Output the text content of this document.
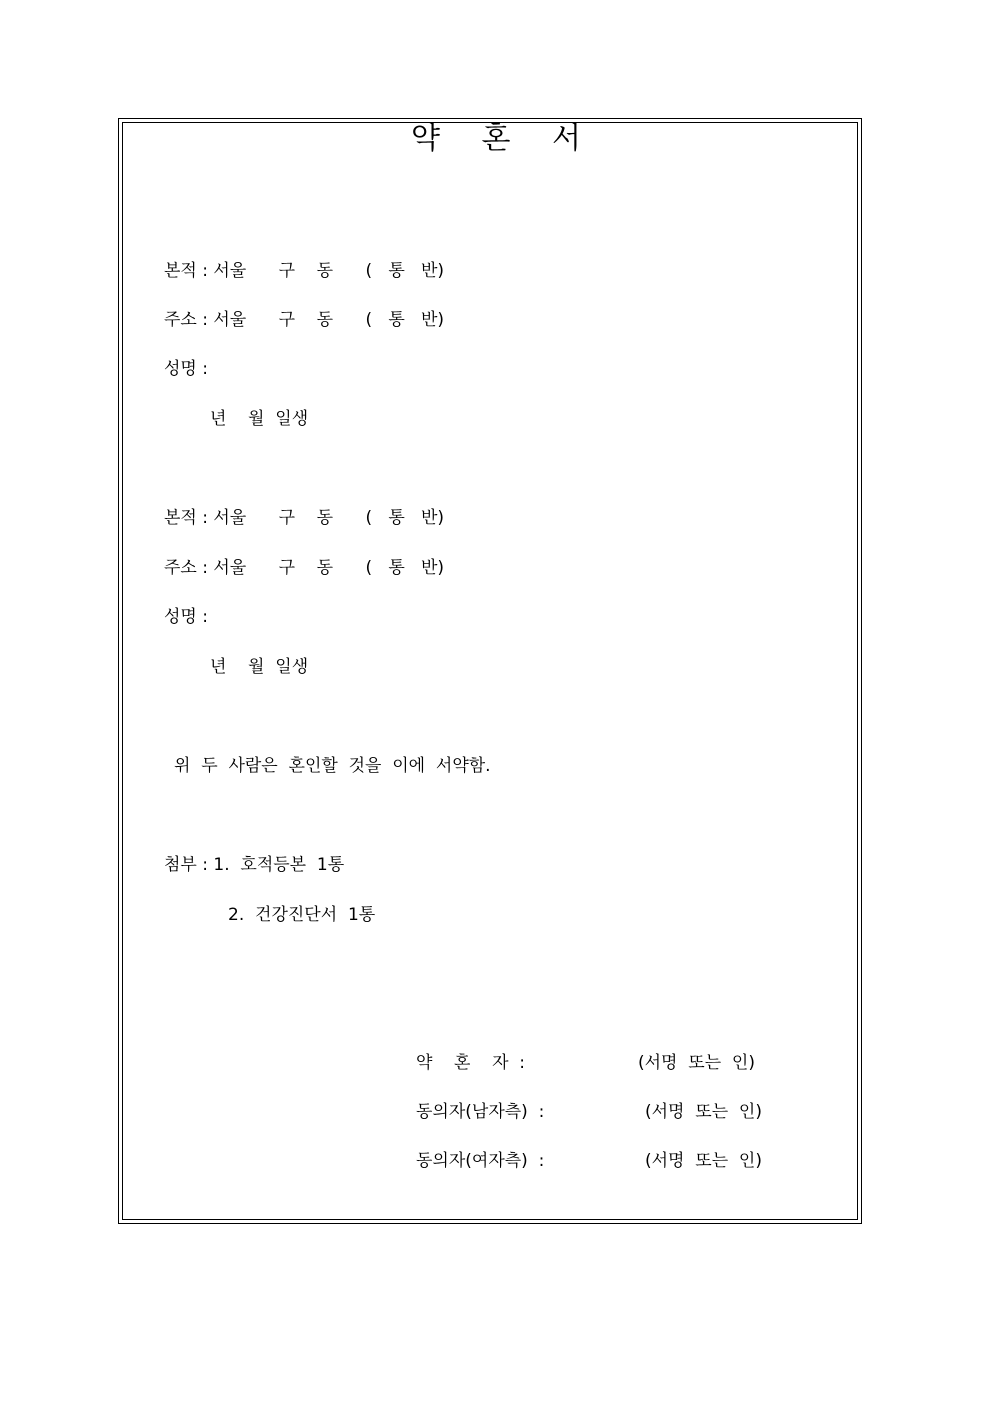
약 혼 서
본적 : 서울      구    동      (   통   반)
주소 : 서울      구    동      (   통   반)
성명 :
년    월  일생
본적 : 서울      구    동      (   통   반)
주소 : 서울      구    동      (   통   반)
성명 :
년    월  일생
위  두  사람은  혼인할  것을  이에  서약함.
첨부 : 1.  호적등본  1통
2.  건강진단서  1통
약    혼    자  :	(서명  또는  인)
동의자(남자측)  :	(서명  또는  인)
동의자(여자측)  :	(서명  또는  인)
